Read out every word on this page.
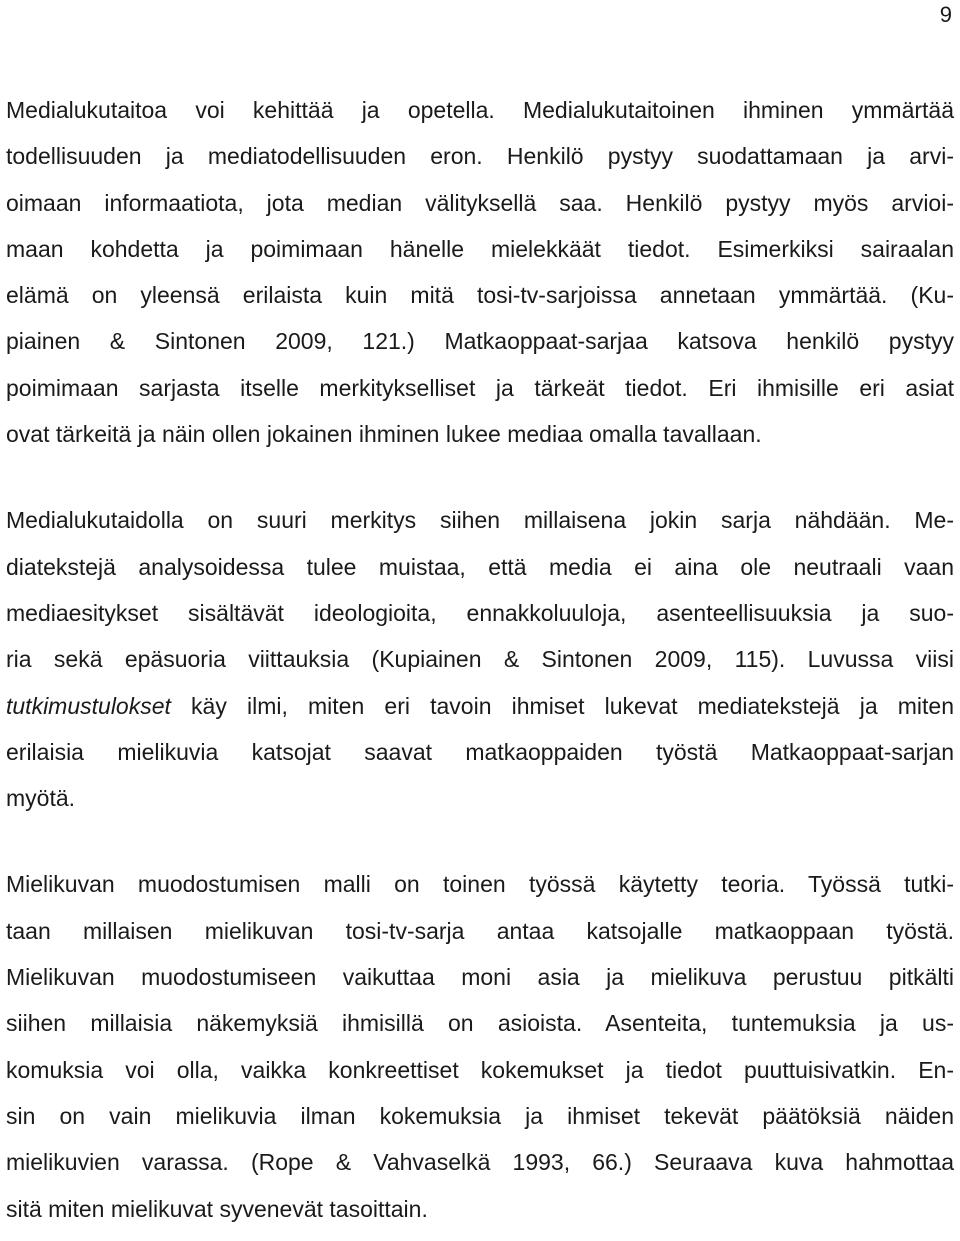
9

Medialukutaitoa voi kehittää ja opetella. Medialukutaitoinen ihminen ymmärtää
todellisuuden ja mediatodellisuuden eron. Henkilö pystyy suodattamaan ja arvi-
oimaan informaatiota, jota median välityksellä saa. Henkilö pystyy myös arvioi-
maan kohdetta ja poimimaan hänelle mielekkäät tiedot. Esimerkiksi sairaalan
elämä on yleensä erilaista kuin mitä tosi-tv-sarjoissa annetaan ymmärtää. (Ku-
piainen & Sintonen 2009, 121.) Matkaoppaat-sarjaa katsova henkilö pystyy
poimimaan sarjasta itselle merkitykselliset ja tärkeät tiedot. Eri ihmisille eri asiat
ovat tärkeitä ja näin ollen jokainen ihminen lukee mediaa omalla tavallaan.

Medialukutaidolla on suuri merkitys siihen millaisena jokin sarja nähdään. Me-
diatekstejä analysoidessa tulee muistaa, että media ei aina ole neutraali vaan
mediaesitykset sisältävät ideologioita, ennakkoluuloja, asenteellisuuksia ja suo-
ria sekä epäsuoria viittauksia (Kupiainen & Sintonen 2009, 115). Luvussa viisi
tutkimustulokset käy ilmi, miten eri tavoin ihmiset lukevat mediatekstejä ja miten
erilaisia mielikuvia katsojat saavat matkaoppaiden työstä Matkaoppaat-sarjan
myötä.

Mielikuvan muodostumisen malli on toinen työssä käytetty teoria. Työssä tutki-
taan millaisen mielikuvan tosi-tv-sarja antaa katsojalle matkaoppaan työstä.
Mielikuvan muodostumiseen vaikuttaa moni asia ja mielikuva perustuu pitkälti
siihen millaisia näkemyksiä ihmisillä on asioista. Asenteita, tuntemuksia ja us-
komuksia voi olla, vaikka konkreettiset kokemukset ja tiedot puuttuisivatkin. En-
sin on vain mielikuvia ilman kokemuksia ja ihmiset tekevät päätöksiä näiden
mielikuvien varassa. (Rope & Vahvaselkä 1993, 66.) Seuraava kuva hahmottaa
sitä miten mielikuvat syvenevät tasoittain.
